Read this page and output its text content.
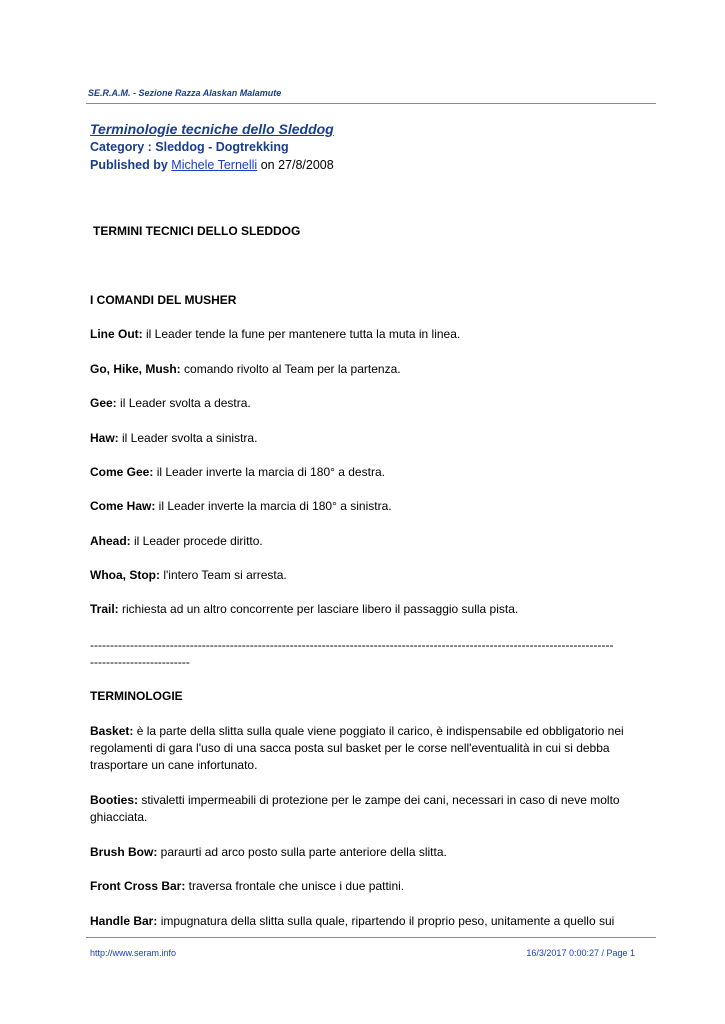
SE.R.A.M. - Sezione Razza Alaskan Malamute
Terminologie tecniche dello Sleddog
Category : Sleddog - Dogtrekking
Published by Michele Ternelli on 27/8/2008
TERMINI TECNICI DELLO SLEDDOG
I COMANDI DEL MUSHER
Line Out: il Leader tende la fune per mantenere tutta la muta in linea.
Go, Hike, Mush: comando rivolto al Team per la partenza.
Gee: il Leader svolta a destra.
Haw: il Leader svolta a sinistra.
Come Gee: il Leader inverte la marcia di 180° a destra.
Come Haw: il Leader inverte la marcia di 180° a sinistra.
Ahead: il Leader procede diritto.
Whoa, Stop: l'intero Team si arresta.
Trail: richiesta ad un altro concorrente per lasciare libero il passaggio sulla pista.
-----------------------------------------------------------------------------------------------------------------------------------
-------------------------
TERMINOLOGIE
Basket: è la parte della slitta sulla quale viene poggiato il carico, è indispensabile ed obbligatorio nei regolamenti di gara l'uso di una sacca posta sul basket per le corse nell'eventualità in cui si debba trasportare un cane infortunato.
Booties: stivaletti impermeabili di protezione per le zampe dei cani, necessari in caso di neve molto ghiacciata.
Brush Bow: paraurti ad arco posto sulla parte anteriore della slitta.
Front Cross Bar: traversa frontale che unisce i due pattini.
Handle Bar: impugnatura della slitta sulla quale, ripartendo il proprio peso, unitamente a quello sui
http://www.seram.info	16/3/2017 0:00:27 / Page 1
